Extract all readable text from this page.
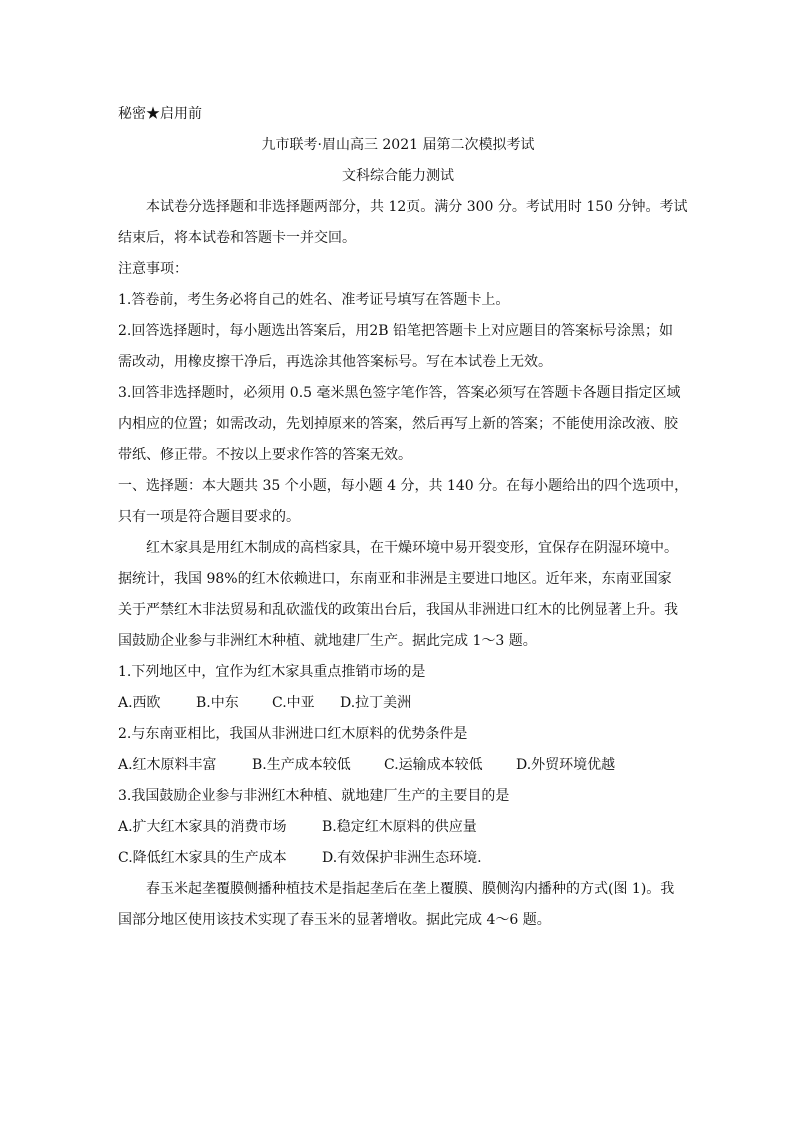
秘密★启用前
九市联考·眉山高三 2021 届第二次模拟考试
文科综合能力测试
本试卷分选择题和非选择题两部分，共 12页。满分 300 分。考试用时 150 分钟。考试
结束后，将本试卷和答题卡一并交回。
注意事项：
1.答卷前，考生务必将自己的姓名、准考证号填写在答题卡上。
2.回答选择题时，每小题选出答案后，用2B 铅笔把答题卡上对应题目的答案标号涂黑；如
需改动，用橡皮擦干净后，再选涂其他答案标号。写在本试卷上无效。
3.回答非选择题时，必须用 0.5 毫米黑色签字笔作答，答案必须写在答题卡各题目指定区域
内相应的位置；如需改动，先划掉原来的答案，然后再写上新的答案；不能使用涂改液、胶
带纸、修正带。不按以上要求作答的答案无效。
一、选择题：本大题共 35 个小题，每小题 4 分，共 140 分。在每小题给出的四个选项中，
只有一项是符合题目要求的。
红木家具是用红木制成的高档家具，在干燥环境中易开裂变形，宜保存在阴湿环境中。
据统计，我国 98%的红木依赖进口，东南亚和非洲是主要进口地区。近年来，东南亚国家
关于严禁红木非法贸易和乱砍滥伐的政策出台后，我国从非洲进口红木的比例显著上升。我
国鼓励企业参与非洲红木种植、就地建厂生产。据此完成 1～3 题。
1.下列地区中，宜作为红木家具重点推销市场的是
A.西欧	B.中东	C.中亚	D.拉丁美洲
2.与东南亚相比，我国从非洲进口红木原料的优势条件是
A.红木原料丰富	B.生产成本较低	C.运输成本较低	D.外贸环境优越
3.我国鼓励企业参与非洲红木种植、就地建厂生产的主要目的是
A.扩大红木家具的消费市场	B.稳定红木原料的供应量
C.降低红木家具的生产成本	D.有效保护非洲生态环境.
春玉米起垄覆膜侧播种植技术是指起垄后在垄上覆膜、膜侧沟内播种的方式(图 1)。我
国部分地区使用该技术实现了春玉米的显著增收。据此完成 4～6 题。
